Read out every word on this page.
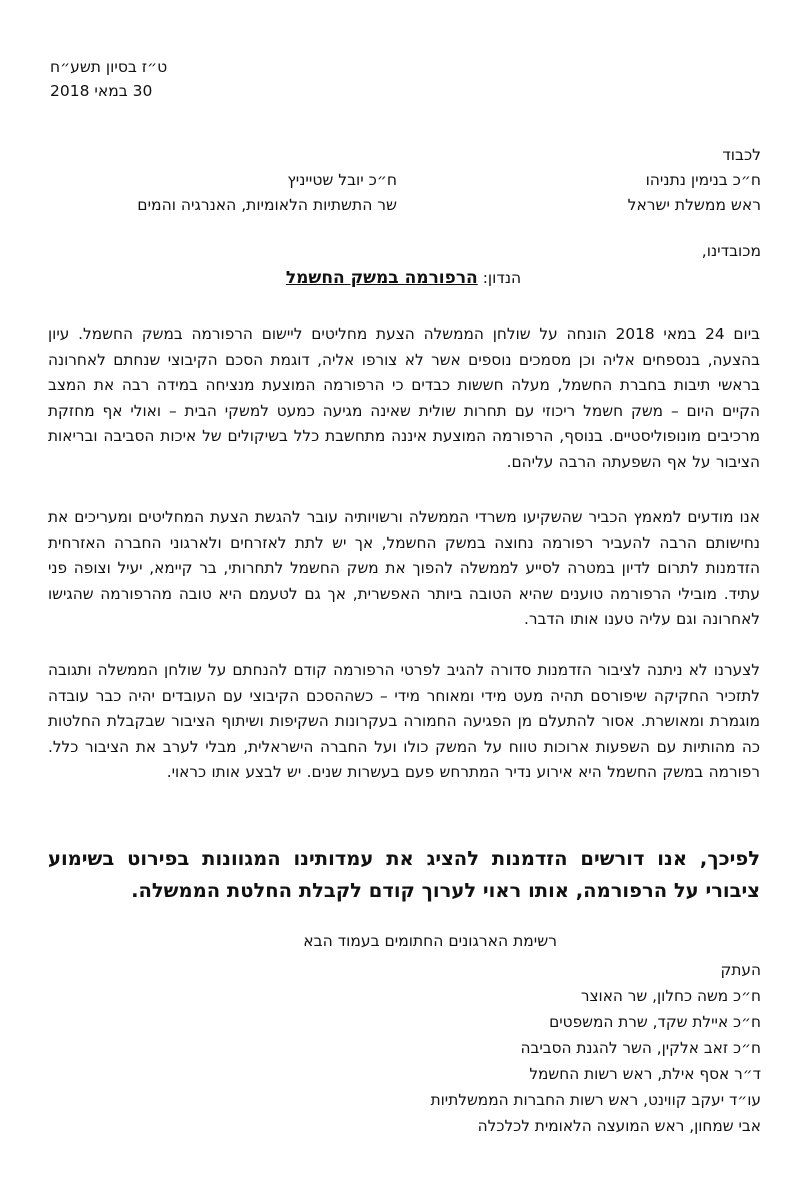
ט״ז בסיון תשע״ח
30 במאי 2018
לכבוד
ח״כ בנימין נתניהו
ראש ממשלת ישראל
ח״כ יובל שטייניץ
שר התשתיות הלאומיות, האנרגיה והמים
מכובדינו,
הנדון: הרפורמה במשק החשמל
ביום 24 במאי 2018 הונחה על שולחן הממשלה הצעת מחליטים ליישום הרפורמה במשק החשמל. עיון בהצעה, בנספחים אליה וכן מסמכים נוספים אשר לא צורפו אליה, דוגמת הסכם הקיבוצי שנחתם לאחרונה בראשי תיבות בחברת החשמל, מעלה חששות כבדים כי הרפורמה המוצעת מנציחה במידה רבה את המצב הקיים היום – משק חשמל ריכוזי עם תחרות שולית שאינה מגיעה כמעט למשקי הבית – ואולי אף מחזקת מרכיבים מונופוליסטיים. בנוסף, הרפורמה המוצעת איננה מתחשבת כלל בשיקולים של איכות הסביבה ובריאות הציבור על אף השפעתה הרבה עליהם.
אנו מודעים למאמץ הכביר שהשקיעו משרדי הממשלה ורשויותיה עובר להגשת הצעת המחליטים ומעריכים את נחישותם הרבה להעביר רפורמה נחוצה במשק החשמל, אך יש לתת לאזרחים ולארגוני החברה האזרחית הזדמנות לתרום לדיון במטרה לסייע לממשלה להפוך את משק החשמל לתחרותי, בר קיימא, יעיל וצופה פני עתיד. מובילי הרפורמה טוענים שהיא הטובה ביותר האפשרית, אך גם לטעמם היא טובה מהרפורמה שהגישו לאחרונה וגם עליה טענו אותו הדבר.
לצערנו לא ניתנה לציבור הזדמנות סדורה להגיב לפרטי הרפורמה קודם להנחתם על שולחן הממשלה ותגובה לתזכיר החקיקה שיפורסם תהיה מעט מידי ומאוחר מידי – כשההסכם הקיבוצי עם העובדים יהיה כבר עובדה מוגמרת ומאושרת. אסור להתעלם מן הפגיעה החמורה בעקרונות השקיפות ושיתוף הציבור שבקבלת החלטות כה מהותיות עם השפעות ארוכות טווח על המשק כולו ועל החברה הישראלית, מבלי לערב את הציבור כלל. רפורמה במשק החשמל היא אירוע נדיר המתרחש פעם בעשרות שנים. יש לבצע אותו כראוי.
לפיכך, אנו דורשים הזדמנות להציג את עמדותינו המגוונות בפירוט בשימוע ציבורי על הרפורמה, אותו ראוי לערוך קודם לקבלת החלטת הממשלה.
רשימת הארגונים החתומים בעמוד הבא
העתק
ח״כ משה כחלון, שר האוצר
ח״כ איילת שקד, שרת המשפטים
ח״כ זאב אלקין, השר להגנת הסביבה
ד״ר אסף אילת, ראש רשות החשמל
עו״ד יעקב קווינט, ראש רשות החברות הממשלתיות
אבי שמחון, ראש המועצה הלאומית לכלכלה
